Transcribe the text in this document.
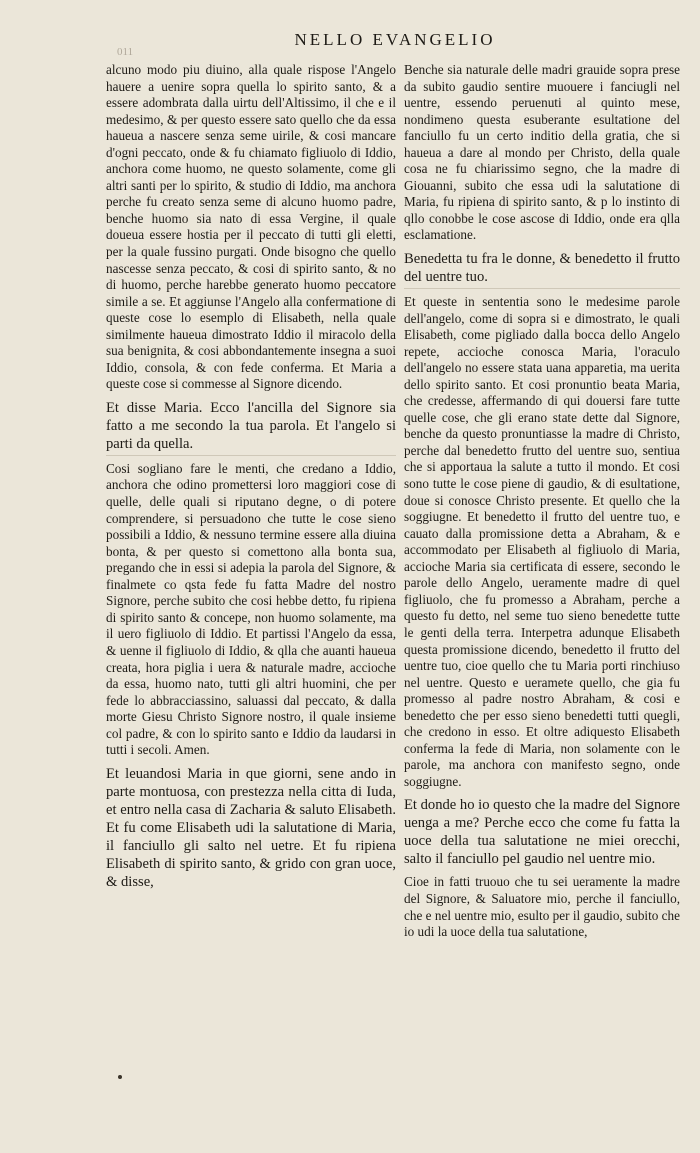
NELLO EVANGELIO
011
alcuno modo piu diuino, alla quale rispose l'Angelo hauere a uenire sopra quella lo spirito santo, & a essere adombrata dalla uirtu dell'Altissimo, il che e il medesimo, & per questo essere sato quello che da essa haueua a nascere senza seme uirile, & cosi mancare d'ogni peccato, onde & fu chiamato figliuolo di Iddio, anchora come huomo, ne questo solamente, come gli altri santi per lo spirito, & studio di Iddio, ma anchora perche fu creato senza seme di alcuno huomo padre, benche huomo sia nato di essa Vergine, il quale doueua essere hostia per il peccato di tutti gli eletti, per la quale fussino purgati. Onde bisogno che quello nascesse senza peccato, & cosi di spirito santo, & no di huomo, perche harebbe generato huomo peccatore simile a se. Et aggiunse l'Angelo alla confermatione di queste cose lo esemplo di Elisabeth, nella quale similmente haueua dimostrato Iddio il miracolo della sua benignita, & cosi abbondantemente insegna a suoi Iddio, consola, & con fede conferma. Et Maria a queste cose si commesse al Signore dicendo.
Et disse Maria. Ecco l'ancilla del Signore sia fatto a me secondo la tua parola. Et l'angelo si parti da quella.
Cosi sogliano fare le menti, che credano a Iddio, anchora che odino promettersi loro maggiori cose di quelle, delle quali si riputano degne, o di potere comprendere, si persuadono che tutte le cose sieno possibili a Iddio, & nessuno termine essere alla diuina bonta, & per questo si comettono alla bonta sua, pregando che in essi si adepia la parola del Signore, & finalmete co qsta fede fu fatta Madre del nostro Signore, perche subito che cosi hebbe detto, fu ripiena di spirito santo & concepe, non huomo solamente, ma il uero figliuolo di Iddio. Et partissi l'Angelo da essa, & uenne il figliuolo di Iddio, & qlla che auanti haueua creata, hora piglia i uera & naturale madre, accioche da essa, huomo nato, tutti gli altri huomini, che per fede lo abbracciassino, saluassi dal peccato, & dalla morte Giesu Christo Signore nostro, il quale insieme col padre, & con lo spirito santo e Iddio da laudarsi in tutti i secoli. Amen.
Et leuandosi Maria in que giorni, sene ando in parte montuosa, con prestezza nella citta di Iuda, et entro nella casa di Zacharia & saluto Elisabeth. Et fu come Elisabeth udi la salutatione di Maria, il fanciullo gli salto nel uetre. Et fu ripiena Elisabeth di spirito santo, & grido con gran uoce, & disse,
Benche sia naturale delle madri grauide sopra prese da subito gaudio sentire muouere i fanciugli nel uentre, essendo peruenuti al quinto mese, nondimeno questa esuberante esultatione del fanciullo fu un certo inditio della gratia, che si haueua a dare al mondo per Christo, della quale cosa ne fu chiarissimo segno, che la madre di Giouanni, subito che essa udi la salutatione di Maria, fu ripiena di spirito santo, & p lo instinto di qllo conobbe le cose ascose di Iddio, onde era qlla esclamatione.
Benedetta tu fra le donne, & benedetto il frutto del uentre tuo.
Et queste in sententia sono le medesime parole dell'angelo, come di sopra si e dimostrato, le quali Elisabeth, come pigliado dalla bocca dello Angelo repete, accioche conosca Maria, l'oraculo dell'angelo no essere stata uana apparetia, ma uerita dello spirito santo. Et cosi pronuntio beata Maria, che credesse, affermando di qui douersi fare tutte quelle cose, che gli erano state dette dal Signore, benche da questo pronuntiasse la madre di Christo, perche dal benedetto frutto del uentre suo, sentiua che si apportaua la salute a tutto il mondo. Et cosi sono tutte le cose piene di gaudio, & di esultatione, doue si conosce Christo presente. Et quello che la soggiugne. Et benedetto il frutto del uentre tuo, e cauato dalla promissione detta a Abraham, & e accommodato per Elisabeth al figliuolo di Maria, accioche Maria sia certificata di essere, secondo le parole dello Angelo, ueramente madre di quel figliuolo, che fu promesso a Abraham, perche a questo fu detto, nel seme tuo sieno benedette tutte le genti della terra. Interpetra adunque Elisabeth questa promissione dicendo, benedetto il frutto del uentre tuo, cioe quello che tu Maria porti rinchiuso nel uentre. Questo e ueramete quello, che gia fu promesso al padre nostro Abraham, & cosi e benedetto che per esso sieno benedetti tutti quegli, che credono in esso. Et oltre adiquesto Elisabeth conferma la fede di Maria, non solamente con le parole, ma anchora con manifesto segno, onde soggiugne.
Et donde ho io questo che la madre del Signore uenga a me? Perche ecco che come fu fatta la uoce della tua salutatione ne miei orecchi, salto il fanciullo pel gaudio nel uentre mio.
Cioe in fatti truouo che tu sei ueramente la madre del Signore, & Saluatore mio, perche il fanciullo, che e nel uentre mio, esulto per il gaudio, subito che io udi la uoce della tua salutatione,
